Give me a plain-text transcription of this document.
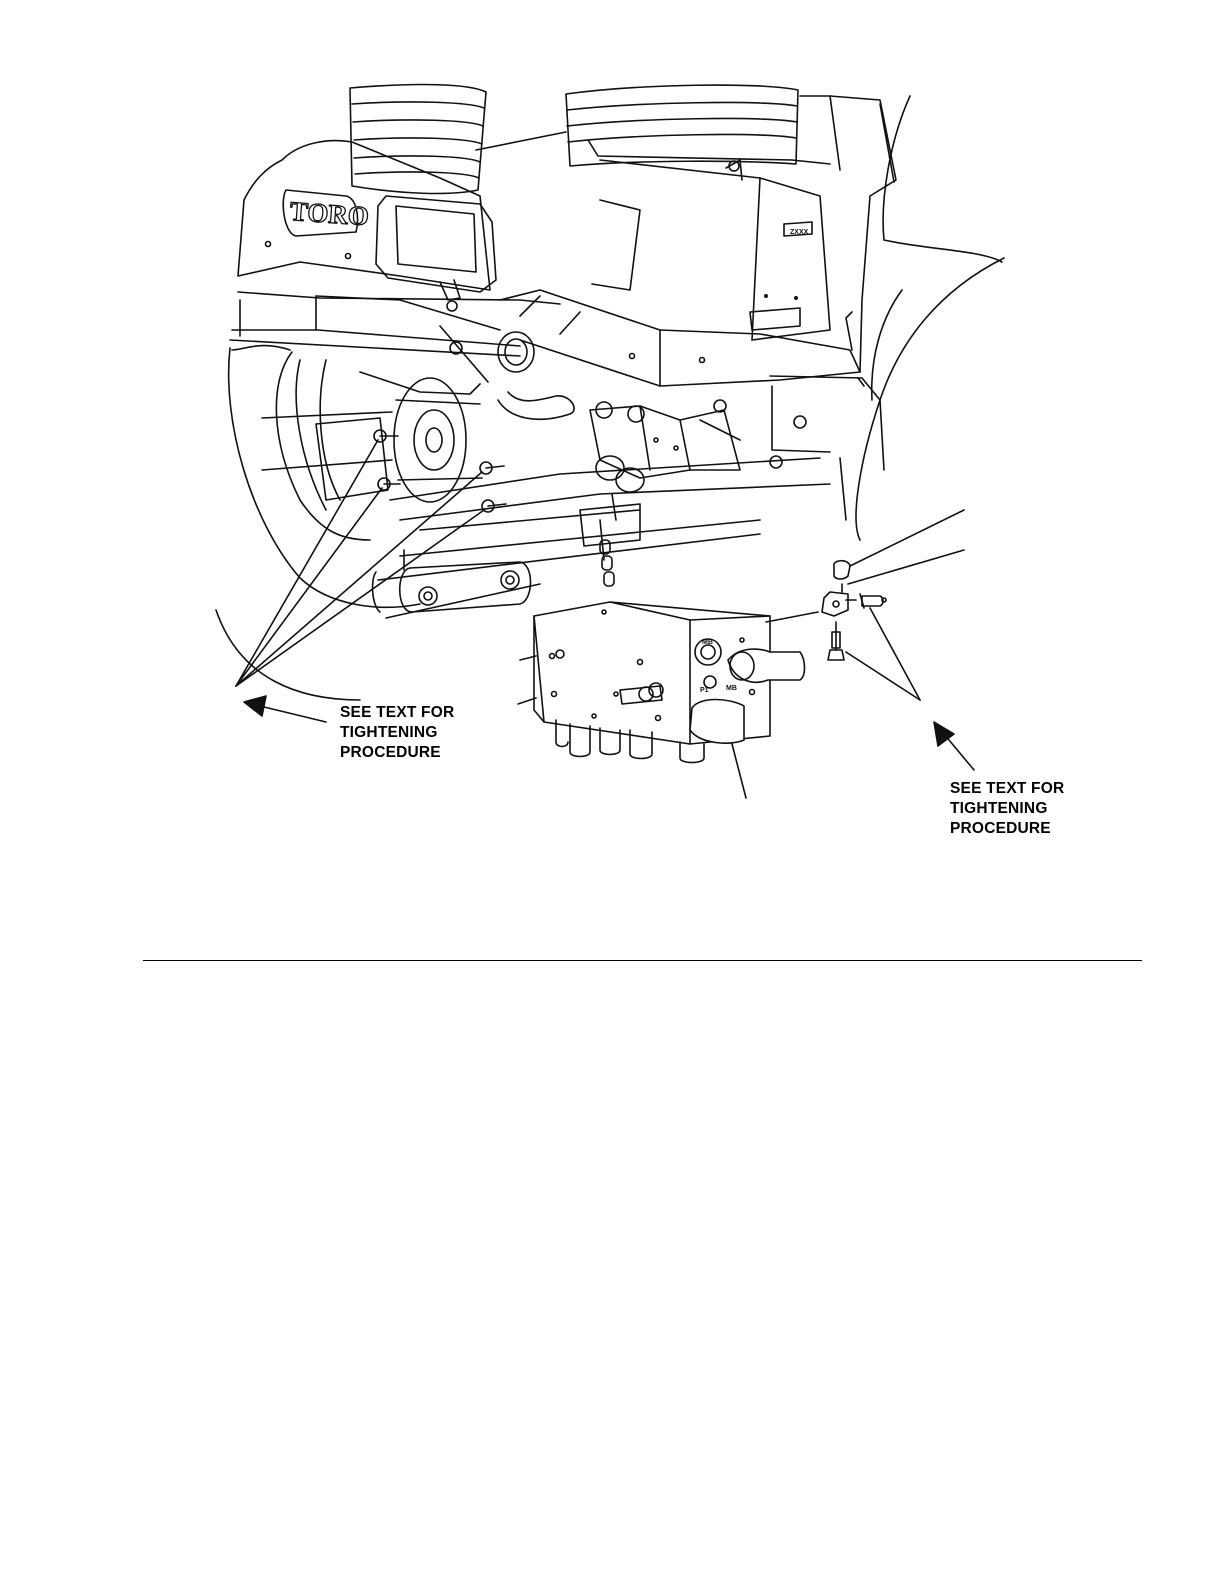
TORO
MB
P1 MB
ZXXX
SEE TEXT FOR
TIGHTENING
PROCEDURE
SEE TEXT FOR
TIGHTENING
PROCEDURE
